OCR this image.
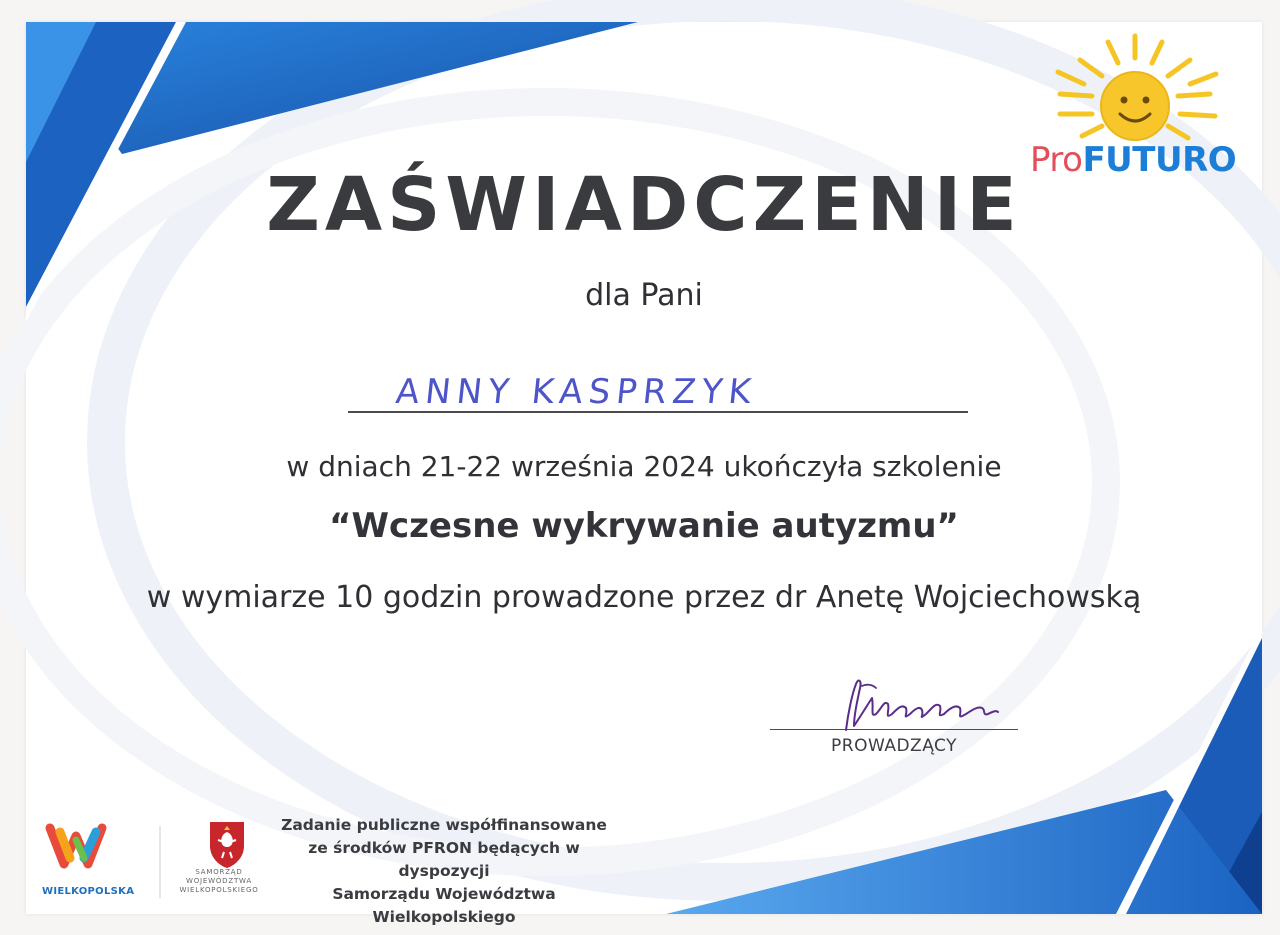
ProFUTURO
ZAŚWIADCZENIE
dla Pani
ANNY KASPRZYK
w dniach 21-22 września 2024 ukończyła szkolenie
“Wczesne wykrywanie autyzmu”
w wymiarze 10 godzin prowadzone przez dr Anetę Wojciechowską
PROWADZĄCY
WIELKOPOLSKA
SAMORZĄD WOJEWÓDZTWA WIELKOPOLSKIEGO
Zadanie publiczne współfinansowane
ze środków PFRON będących w dyspozycji
Samorządu Województwa Wielkopolskiego
